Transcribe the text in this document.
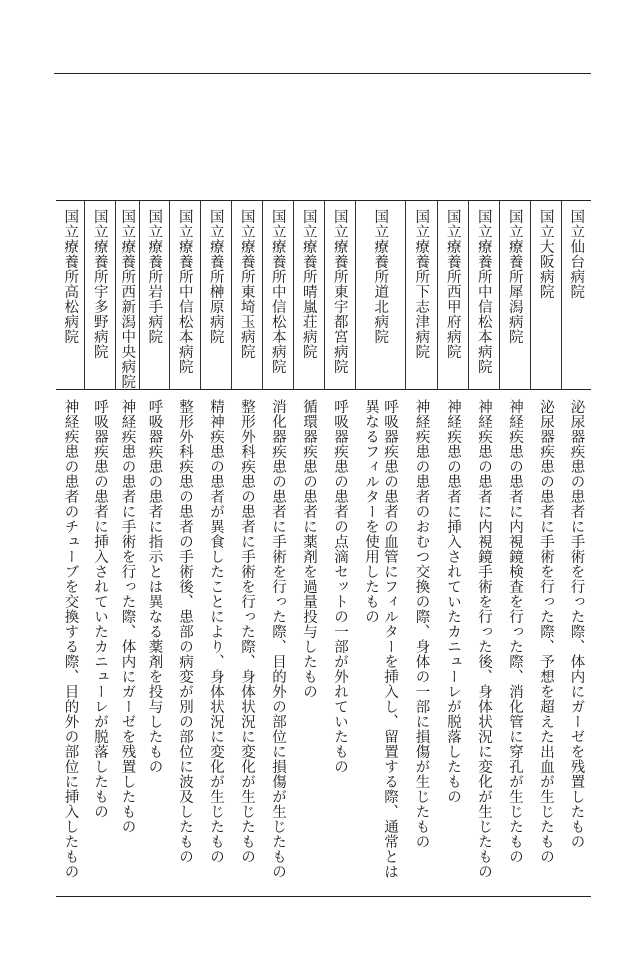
国立仙台病院
泌尿器疾患の患者に手術を行った際、体内にガーゼを残置したもの
国立大阪病院
泌尿器疾患の患者に手術を行った際、予想を超えた出血が生じたもの
国立療養所犀潟病院
神経疾患の患者に内視鏡検査を行った際、消化管に穿孔が生じたもの
国立療養所中信松本病院
神経疾患の患者に内視鏡手術を行った後、身体状況に変化が生じたもの
国立療養所西甲府病院
神経疾患の患者に挿入されていたカニューレが脱落したもの
国立療養所下志津病院
神経疾患の患者のおむつ交換の際、身体の一部に損傷が生じたもの
国立療養所道北病院
呼吸器疾患の患者の血管にフィルターを挿入し、留置する際、通常とは異なるフィルターを使用したもの
国立療養所東宇都宮病院
呼吸器疾患の患者の点滴セットの一部が外れていたもの
国立療養所晴嵐荘病院
循環器疾患の患者に薬剤を過量投与したもの
国立療養所中信松本病院
消化器疾患の患者に手術を行った際、目的外の部位に損傷が生じたもの
国立療養所東埼玉病院
整形外科疾患の患者に手術を行った際、身体状況に変化が生じたもの
国立療養所榊原病院
精神疾患の患者が異食したことにより、身体状況に変化が生じたもの
国立療養所中信松本病院
整形外科疾患の患者の手術後、患部の病変が別の部位に波及したもの
国立療養所岩手病院
呼吸器疾患の患者に指示とは異なる薬剤を投与したもの
国立療養所西新潟中央病院
神経疾患の患者に手術を行った際、体内にガーゼを残置したもの
国立療養所宇多野病院
呼吸器疾患の患者に挿入されていたカニューレが脱落したもの
国立療養所高松病院
神経疾患の患者のチューブを交換する際、目的外の部位に挿入したもの
